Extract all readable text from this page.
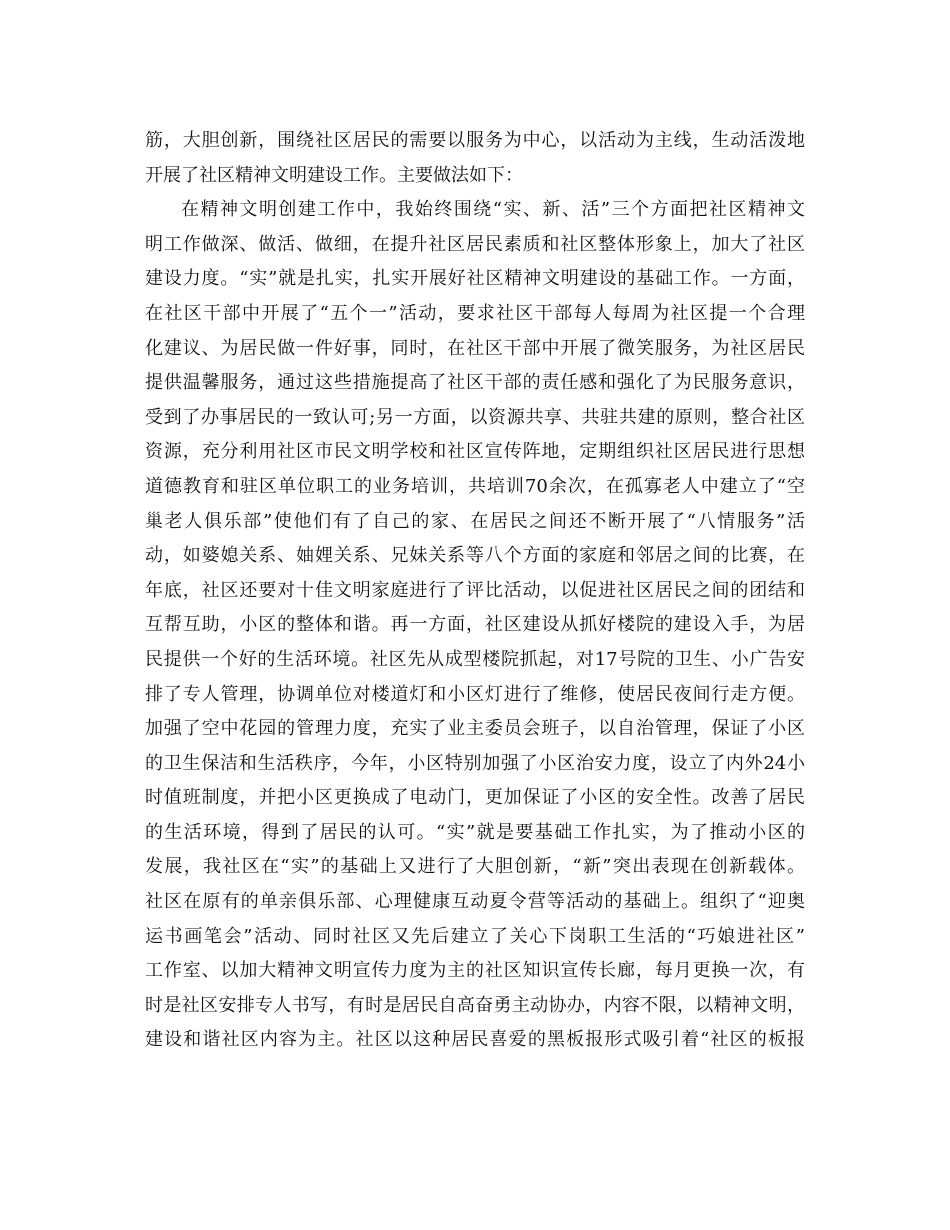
筋，大胆创新，围绕社区居民的需要以服务为中心，以活动为主线，生动活泼地
开展了社区精神文明建设工作。主要做法如下：
在精神文明创建工作中，我始终围绕“实、新、活”三个方面把社区精神文
明工作做深、做活、做细，在提升社区居民素质和社区整体形象上，加大了社区
建设力度。“实”就是扎实，扎实开展好社区精神文明建设的基础工作。一方面，
在社区干部中开展了“五个一”活动，要求社区干部每人每周为社区提一个合理
化建议、为居民做一件好事，同时，在社区干部中开展了微笑服务，为社区居民
提供温馨服务，通过这些措施提高了社区干部的责任感和强化了为民服务意识，
受到了办事居民的一致认可;另一方面，以资源共享、共驻共建的原则，整合社区
资源，充分利用社区市民文明学校和社区宣传阵地，定期组织社区居民进行思想
道德教育和驻区单位职工的业务培训，共培训70余次，在孤寡老人中建立了“空
巢老人俱乐部”使他们有了自己的家、在居民之间还不断开展了“八情服务”活
动，如婆媳关系、妯娌关系、兄妹关系等八个方面的家庭和邻居之间的比赛，在
年底，社区还要对十佳文明家庭进行了评比活动，以促进社区居民之间的团结和
互帮互助，小区的整体和谐。再一方面，社区建设从抓好楼院的建设入手，为居
民提供一个好的生活环境。社区先从成型楼院抓起，对17号院的卫生、小广告安
排了专人管理，协调单位对楼道灯和小区灯进行了维修，使居民夜间行走方便。
加强了空中花园的管理力度，充实了业主委员会班子，以自治管理，保证了小区
的卫生保洁和生活秩序，今年，小区特别加强了小区治安力度，设立了内外24小
时值班制度，并把小区更换成了电动门，更加保证了小区的安全性。改善了居民
的生活环境，得到了居民的认可。“实”就是要基础工作扎实，为了推动小区的
发展，我社区在“实”的基础上又进行了大胆创新，“新”突出表现在创新载体。
社区在原有的单亲俱乐部、心理健康互动夏令营等活动的基础上。组织了“迎奥
运书画笔会”活动、同时社区又先后建立了关心下岗职工生活的“巧娘进社区”
工作室、以加大精神文明宣传力度为主的社区知识宣传长廊，每月更换一次，有
时是社区安排专人书写，有时是居民自高奋勇主动协办，内容不限，以精神文明，
建设和谐社区内容为主。社区以这种居民喜爱的黑板报形式吸引着“社区的板报
